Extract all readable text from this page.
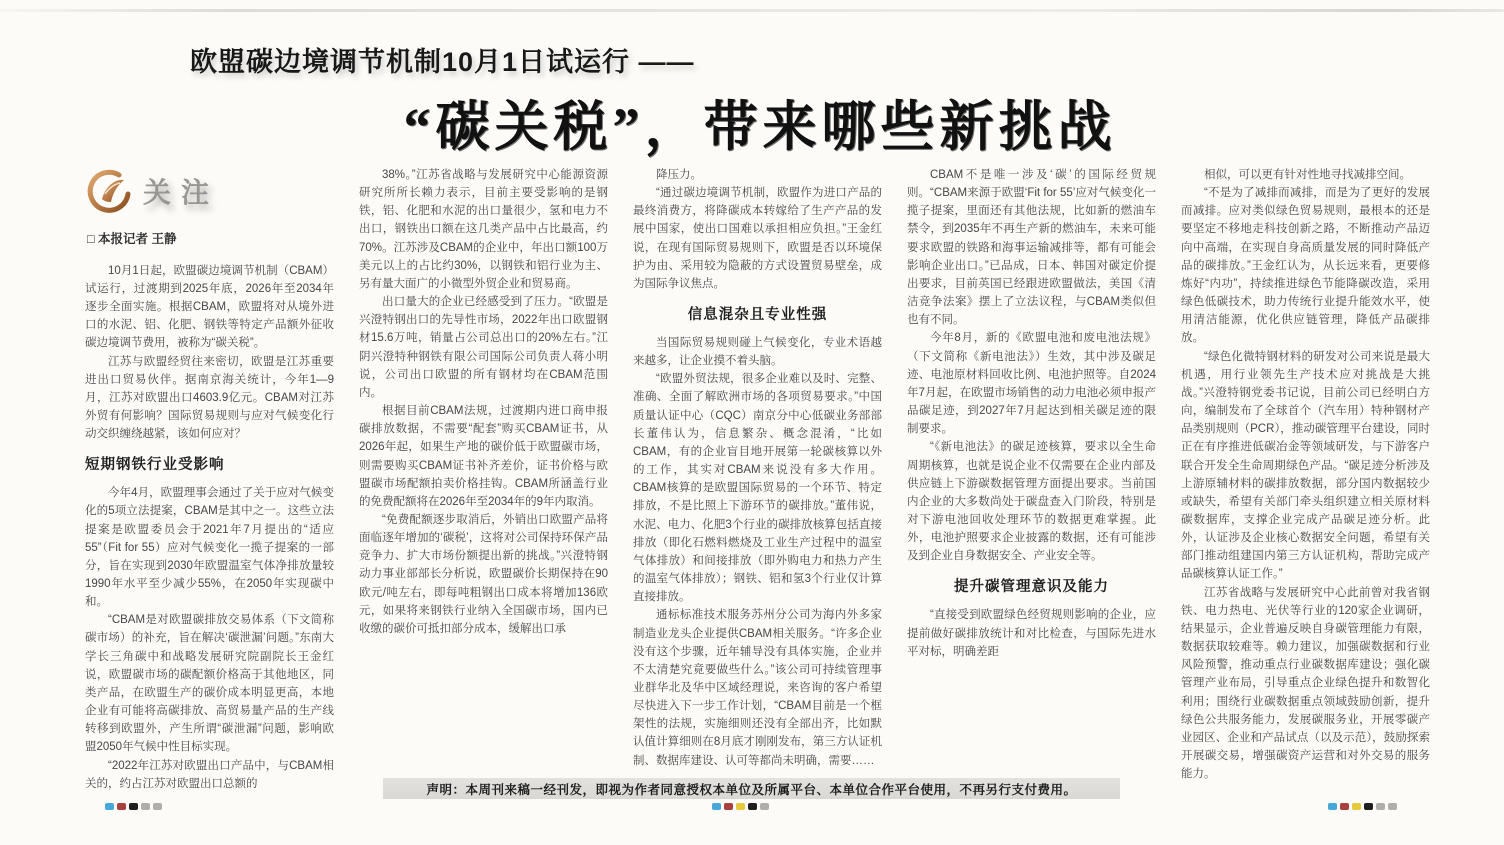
欧盟碳边境调节机制10月1日试运行 ——
“碳关税”，带来哪些新挑战
关注
□ 本报记者 王静

10月1日起，欧盟碳边境调节机制（CBAM）试运行，过渡期到2025年底，2026年至2034年逐步全面实施。根据CBAM，欧盟将对从境外进口的水泥、铝、化肥、钢铁等特定产品额外征收碳边境调节费用，被称为“碳关税”。

江苏与欧盟经贸往来密切，欧盟是江苏重要进出口贸易伙伴。据南京海关统计，今年1—9月，江苏对欧盟出口4603.9亿元。CBAM对江苏外贸有何影响？国际贸易规则与应对气候变化行动交织缠绕越紧，该如何应对？

短期钢铁行业受影响

今年4月，欧盟理事会通过了关于应对气候变化的5项立法提案，CBAM是其中之一。这些立法提案是欧盟委员会于2021年7月提出的“适应55”（Fit for 55）应对气候变化一揽子提案的一部分，旨在实现到2030年欧盟温室气体净排放量较1990年水平至少减少55%，在2050年实现碳中和。

“CBAM是对欧盟碳排放交易体系（下文简称碳市场）的补充，旨在解决‘碳泄漏’问题。”东南大学长三角碳中和战略发展研究院副院长王金红说，欧盟碳市场的碳配额价格高于其他地区，同类产品，在欧盟生产的碳价成本明显更高，本地企业有可能将高碳排放、高贸易量产品的生产线转移到欧盟外，产生所谓“碳泄漏”问题，影响欧盟2050年气候中性目标实现。

“2022年江苏对欧盟出口产品中，与CBAM相关的，约占江苏对欧盟出口总额的

38%。”江苏省战略与发展研究中心能源资源研究所所长赖力表示，目前主要受影响的是钢铁，铝、化肥和水泥的出口量很少，氢和电力不出口，钢铁出口额在这几类产品中占比最高，约70%。江苏涉及CBAM的企业中，年出口额100万美元以上的占比约30%，以钢铁和铝行业为主、另有量大面广的小微型外贸企业和贸易商。

出口量大的企业已经感受到了压力。“欧盟是兴澄特钢出口的先导性市场，2022年出口欧盟钢材15.6万吨，销量占公司总出口的20%左右。”江阴兴澄特种钢铁有限公司国际公司负责人蒋小明说，公司出口欧盟的所有钢材均在CBAM范围内。

根据目前CBAM法规，过渡期内进口商申报碳排放数据，不需要“配套”购买CBAM证书，从2026年起，如果生产地的碳价低于欧盟碳市场，则需要购买CBAM证书补齐差价，证书价格与欧盟碳市场配额拍卖价格挂钩。CBAM所涵盖行业的免费配额将在2026年至2034年的9年内取消。

“免费配额逐步取消后，外销出口欧盟产品将面临逐年增加的‘碳税’，这将对公司保持环保产品竞争力、扩大市场份额提出新的挑战。”兴澄特钢动力事业部部长分析说，欧盟碳价长期保持在90欧元/吨左右，即每吨粗钢出口成本将增加136欧元，如果将来钢铁行业纳入全国碳市场，国内已收缴的碳价可抵扣部分成本，缓解出口承

降压力。

“通过碳边境调节机制，欧盟作为进口产品的最终消费方，将降碳成本转嫁给了生产产品的发展中国家，使出口国难以承担相应负担。”王金红说，在现有国际贸易规则下，欧盟是否以环境保护为由、采用较为隐蔽的方式设置贸易壁垒，成为国际争议焦点。

信息混杂且专业性强

当国际贸易规则碰上气候变化，专业术语越来越多，让企业摸不着头脑。

“欧盟外贸法规，很多企业难以及时、完整、准确、全面了解欧洲市场的各项贸易要求。”中国质量认证中心（CQC）南京分中心低碳业务部部长董伟认为，信息繁杂、概念混淆，“比如CBAM，有的企业盲目地开展第一轮碳核算以外的工作，其实对CBAM来说没有多大作用。CBAM核算的是欧盟国际贸易的一个环节、特定排放，不是比照上下游环节的碳排放。”董伟说，水泥、电力、化肥3个行业的碳排放核算包括直接排放（即化石燃料燃烧及工业生产过程中的温室气体排放）和间接排放（即外购电力和热力产生的温室气体排放）；钢铁、铝和氢3个行业仅计算直接排放。

通标标准技术服务苏州分公司为海内外多家制造业龙头企业提供CBAM相关服务。“许多企业没有这个步骤，近年辅导没有具体实施，企业并不太清楚究竟要做些什么。”该公司可持续管理事业群华北及华中区域经理说，来咨询的客户希望尽快进入下一步工作计划，“CBAM目前是一个框架性的法规，实施细则还没有全部出齐，比如默认值计算细则在8月底才刚刚发布，第三方认证机制、数据库建设、认可等都尚未明确，需要……

CBAM不是唯一涉及‘碳’的国际经贸规则。“CBAM来源于欧盟‘Fit for 55’应对气候变化一揽子提案，里面还有其他法规，比如新的燃油车禁令，到2035年不再生产新的燃油车，未来可能要求欧盟的铁路和海事运输减排等，都有可能会影响企业出口。”已品成，日本、韩国对碳定价提出要求，目前英国已经跟进欧盟做法，美国《清洁竞争法案》摆上了立法议程，与CBAM类似但也有不同。

今年8月，新的《欧盟电池和废电池法规》（下文简称《新电池法》）生效，其中涉及碳足迹、电池原材料回收比例、电池护照等。自2024年7月起，在欧盟市场销售的动力电池必须申报产品碳足迹，到2027年7月起达到相关碳足迹的限制要求。

“《新电池法》的碳足迹核算，要求以全生命周期核算，也就是说企业不仅需要在企业内部及供应链上下游碳数据管理方面提出要求。当前国内企业的大多数尚处于碳盘查入门阶段，特别是对下游电池回收处理环节的数据更难掌握。此外，电池护照要求企业披露的数据，还有可能涉及到企业自身数据安全、产业安全等。

提升碳管理意识及能力

“直接受到欧盟绿色经贸规则影响的企业，应提前做好碳排放统计和对比检查，与国际先进水平对标，明确差距

相似，可以更有针对性地寻找减排空间。

“不是为了减排而减排，而是为了更好的发展而减排。应对类似绿色贸易规则，最根本的还是要坚定不移地走科技创新之路，不断推动产品迈向中高端，在实现自身高质量发展的同时降低产品的碳排放。”王金红认为，从长远来看，更要修炼好“内功”，持续推进绿色节能降碳改造，采用绿色低碳技术，助力传统行业提升能效水平，使用清洁能源，优化供应链管理，降低产品碳排放。

“绿色化微特钢材料的研发对公司来说是最大机遇，用行业领先生产技术应对挑战是大挑战。”兴澄特钢党委书记说，目前公司已经明白方向，编制发布了全球首个（汽车用）特种钢材产品类别规则（PCR），推动碳管理平台建设，同时正在有序推进低碳冶金等领域研发，与下游客户联合开发全生命周期绿色产品。“碳足迹分析涉及上游原辅材料的碳排放数据，部分国内数据较少或缺失，希望有关部门牵头组织建立相关原材料碳数据库，支撑企业完成产品碳足迹分析。此外，认证涉及企业核心数据安全问题，希望有关部门推动组建国内第三方认证机构，帮助完成产品碳核算认证工作。”

江苏省战略与发展研究中心此前曾对我省钢铁、电力热电、光伏等行业的120家企业调研，结果显示，企业普遍反映自身碳管理能力有限，数据获取较难等。赖力建议，加强碳数据和行业风险预警，推动重点行业碳数据库建设；强化碳管理产业布局，引导重点企业绿色提升和数智化利用；围绕行业碳数据重点领域鼓励创新，提升绿色公共服务能力，发展碳服务业，开展零碳产业园区、企业和产品试点（以及示范），鼓励探索开展碳交易，增强碳资产运营和对外交易的服务能力。

声明：本周刊来稿一经刊发，即视为作者同意授权本单位及所属平台、本单位合作平台使用，不再另行支付费用。
